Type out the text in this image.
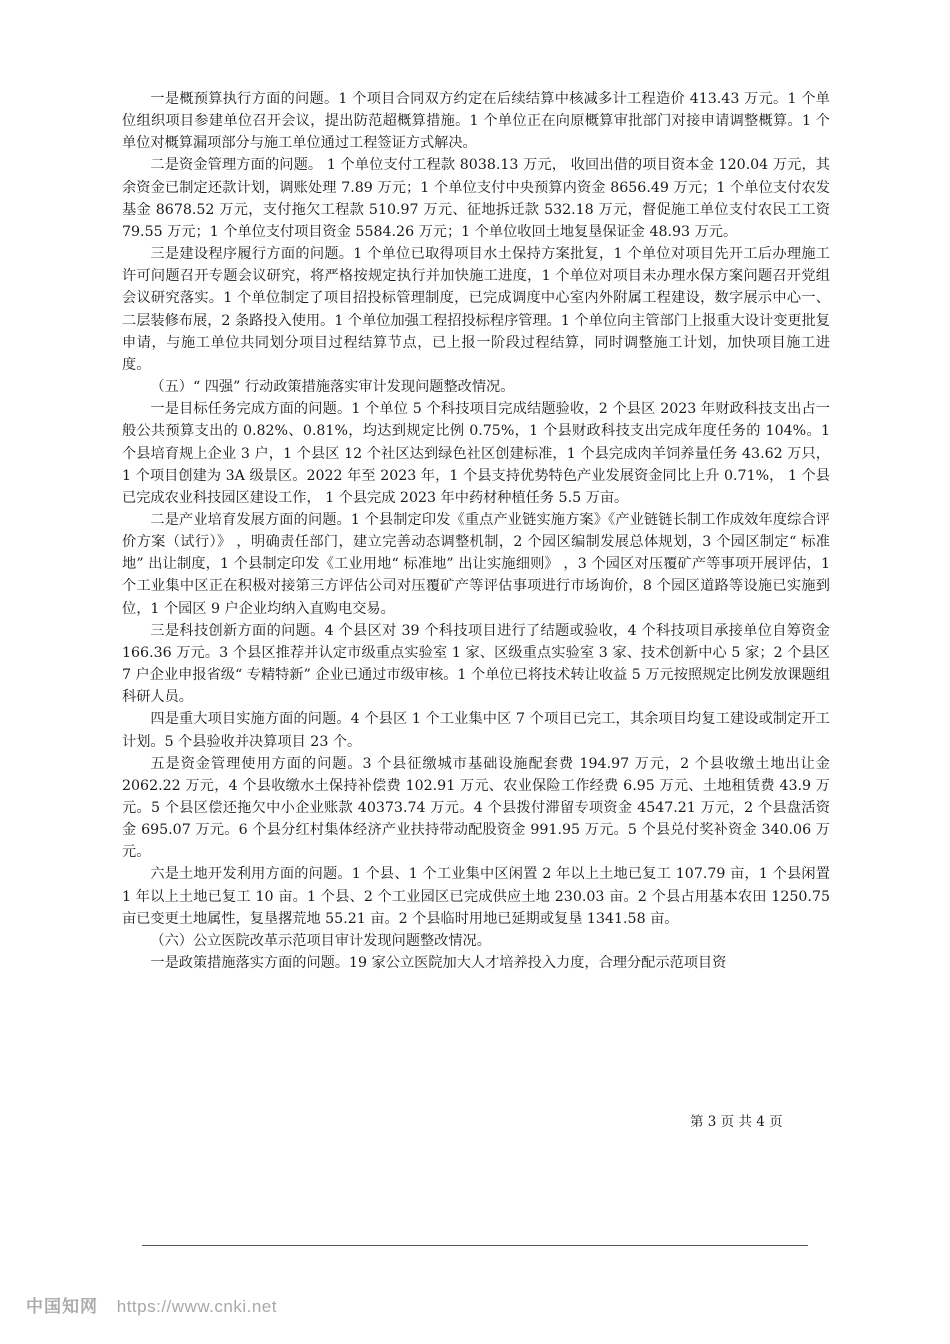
一是概预算执行方面的问题。1 个项目合同双方约定在后续结算中核减多计工程造价 413.43 万元。1 个单位组织项目参建单位召开会议，提出防范超概算措施。1 个单位正在向原概算审批部门对接申请调整概算。1 个单位对概算漏项部分与施工单位通过工程签证方式解决。

二是资金管理方面的问题。 1 个单位支付工程款 8038.13 万元， 收回出借的项目资本金 120.04 万元，其余资金已制定还款计划，调账处理 7.89 万元；1 个单位支付中央预算内资金 8656.49 万元；1 个单位支付农发基金 8678.52 万元，支付拖欠工程款 510.97 万元、征地拆迁款 532.18 万元，督促施工单位支付农民工工资 79.55 万元；1 个单位支付项目资金 5584.26 万元；1 个单位收回土地复垦保证金 48.93 万元。

三是建设程序履行方面的问题。1 个单位已取得项目水土保持方案批复，1 个单位对项目先开工后办理施工许可问题召开专题会议研究，将严格按规定执行并加快施工进度，1 个单位对项目未办理水保方案问题召开党组会议研究落实。1 个单位制定了项目招投标管理制度，已完成调度中心室内外附属工程建设，数字展示中心一、二层装修布展，2 条路投入使用。1 个单位加强工程招投标程序管理。1 个单位向主管部门上报重大设计变更批复申请，与施工单位共同划分项目过程结算节点，已上报一阶段过程结算，同时调整施工计划，加快项目施工进度。

（五）“ 四强” 行动政策措施落实审计发现问题整改情况。

一是目标任务完成方面的问题。1 个单位 5 个科技项目完成结题验收，2 个县区 2023 年财政科技支出占一般公共预算支出的 0.82%、0.81%，均达到规定比例 0.75%，1 个县财政科技支出完成年度任务的 104%。1 个县培育规上企业 3 户，1 个县区 12 个社区达到绿色社区创建标准，1 个县完成肉羊饲养量任务 43.62 万只，1 个项目创建为 3A 级景区。2022 年至 2023 年，1 个县支持优势特色产业发展资金同比上升 0.71%， 1 个县已完成农业科技园区建设工作， 1 个县完成 2023 年中药材种植任务 5.5 万亩。

二是产业培育发展方面的问题。1 个县制定印发《重点产业链实施方案》《产业链链长制工作成效年度综合评价方案（试行）》 ，明确责任部门，建立完善动态调整机制，2 个园区编制发展总体规划，3 个园区制定“ 标准地” 出让制度，1 个县制定印发《工业用地“ 标准地” 出让实施细则》 ，3 个园区对压覆矿产等事项开展评估，1 个工业集中区正在积极对接第三方评估公司对压覆矿产等评估事项进行市场询价，8 个园区道路等设施已实施到位，1 个园区 9 户企业均纳入直购电交易。

三是科技创新方面的问题。4 个县区对 39 个科技项目进行了结题或验收，4 个科技项目承接单位自筹资金 166.36 万元。3 个县区推荐并认定市级重点实验室 1 家、区级重点实验室 3 家、技术创新中心 5 家；2 个县区 7 户企业申报省级“ 专精特新” 企业已通过市级审核。1 个单位已将技术转让收益 5 万元按照规定比例发放课题组科研人员。

四是重大项目实施方面的问题。4 个县区 1 个工业集中区 7 个项目已完工，其余项目均复工建设或制定开工计划。5 个县验收并决算项目 23 个。

五是资金管理使用方面的问题。3 个县征缴城市基础设施配套费 194.97 万元，2 个县收缴土地出让金 2062.22 万元，4 个县收缴水土保持补偿费 102.91 万元、农业保险工作经费 6.95 万元、土地租赁费 43.9 万元。5 个县区偿还拖欠中小企业账款 40373.74 万元。4 个县拨付滞留专项资金 4547.21 万元，2 个县盘活资金 695.07 万元。6 个县分红村集体经济产业扶持带动配股资金 991.95 万元。5 个县兑付奖补资金 340.06 万元。

六是土地开发利用方面的问题。1 个县、1 个工业集中区闲置 2 年以上土地已复工 107.79 亩，1 个县闲置 1 年以上土地已复工 10 亩。1 个县、2 个工业园区已完成供应土地 230.03 亩。2 个县占用基本农田 1250.75 亩已变更土地属性，复垦撂荒地 55.21 亩。2 个县临时用地已延期或复垦 1341.58 亩。

（六）公立医院改革示范项目审计发现问题整改情况。

一是政策措施落实方面的问题。19 家公立医院加大人才培养投入力度，合理分配示范项目资

第 3 页 共 4 页
中国知网 https://www.cnki.net
